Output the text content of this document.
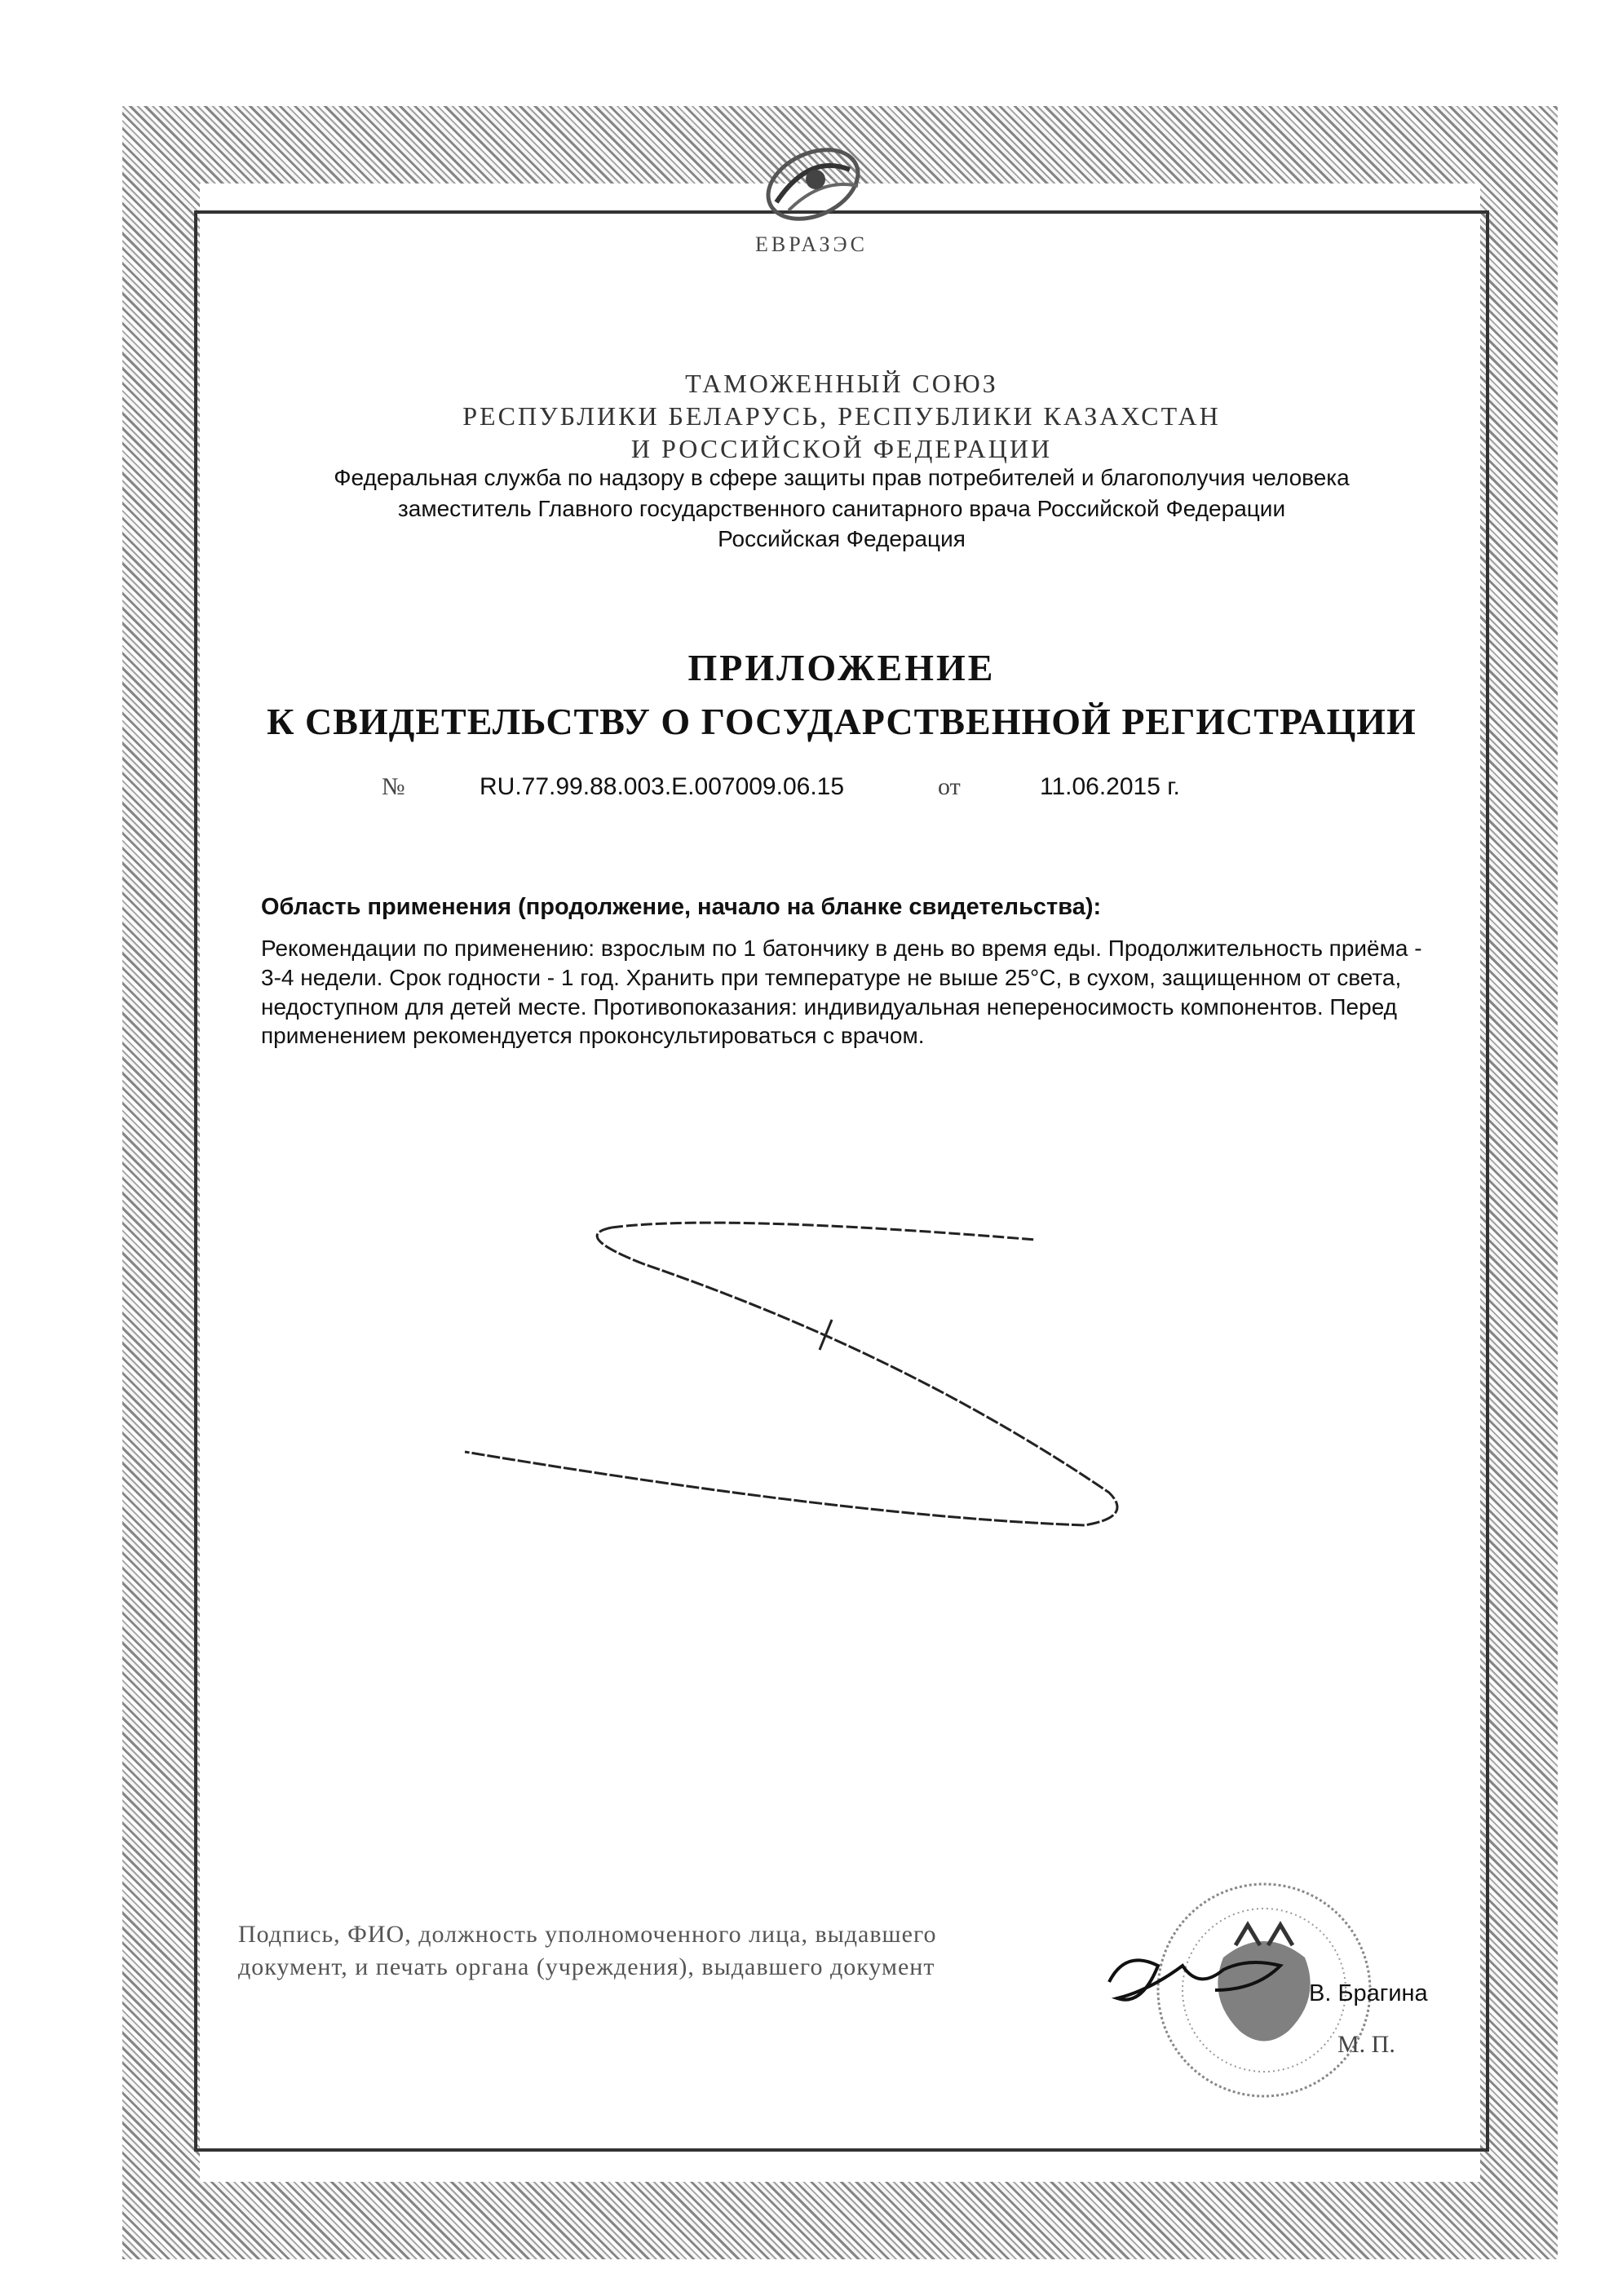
ЕВРАЗЭС
ТАМОЖЕННЫЙ СОЮЗ
РЕСПУБЛИКИ БЕЛАРУСЬ, РЕСПУБЛИКИ КАЗАХСТАН
И РОССИЙСКОЙ ФЕДЕРАЦИИ
Федеральная служба по надзору в сфере защиты прав потребителей и благополучия человека
заместитель Главного государственного санитарного врача Российской Федерации
Российская Федерация
ПРИЛОЖЕНИЕ
К СВИДЕТЕЛЬСТВУ О ГОСУДАРСТВЕННОЙ РЕГИСТРАЦИИ
№	RU.77.99.88.003.E.007009.06.15	от	11.06.2015 г.
Область применения (продолжение, начало на бланке свидетельства):

Рекомендации по применению: взрослым по 1 батончику в день во время еды. Продолжительность приёма - 3-4 недели. Срок годности - 1 год. Хранить при температуре не выше 25°С, в сухом, защищенном от света, недоступном для детей месте. Противопоказания: индивидуальная непереносимость компонентов. Перед применением рекомендуется проконсультироваться с врачом.

Подпись, ФИО, должность уполномоченного лица, выдавшего документ, и печать органа (учреждения), выдавшего документ

В. Брагина
М. П.
